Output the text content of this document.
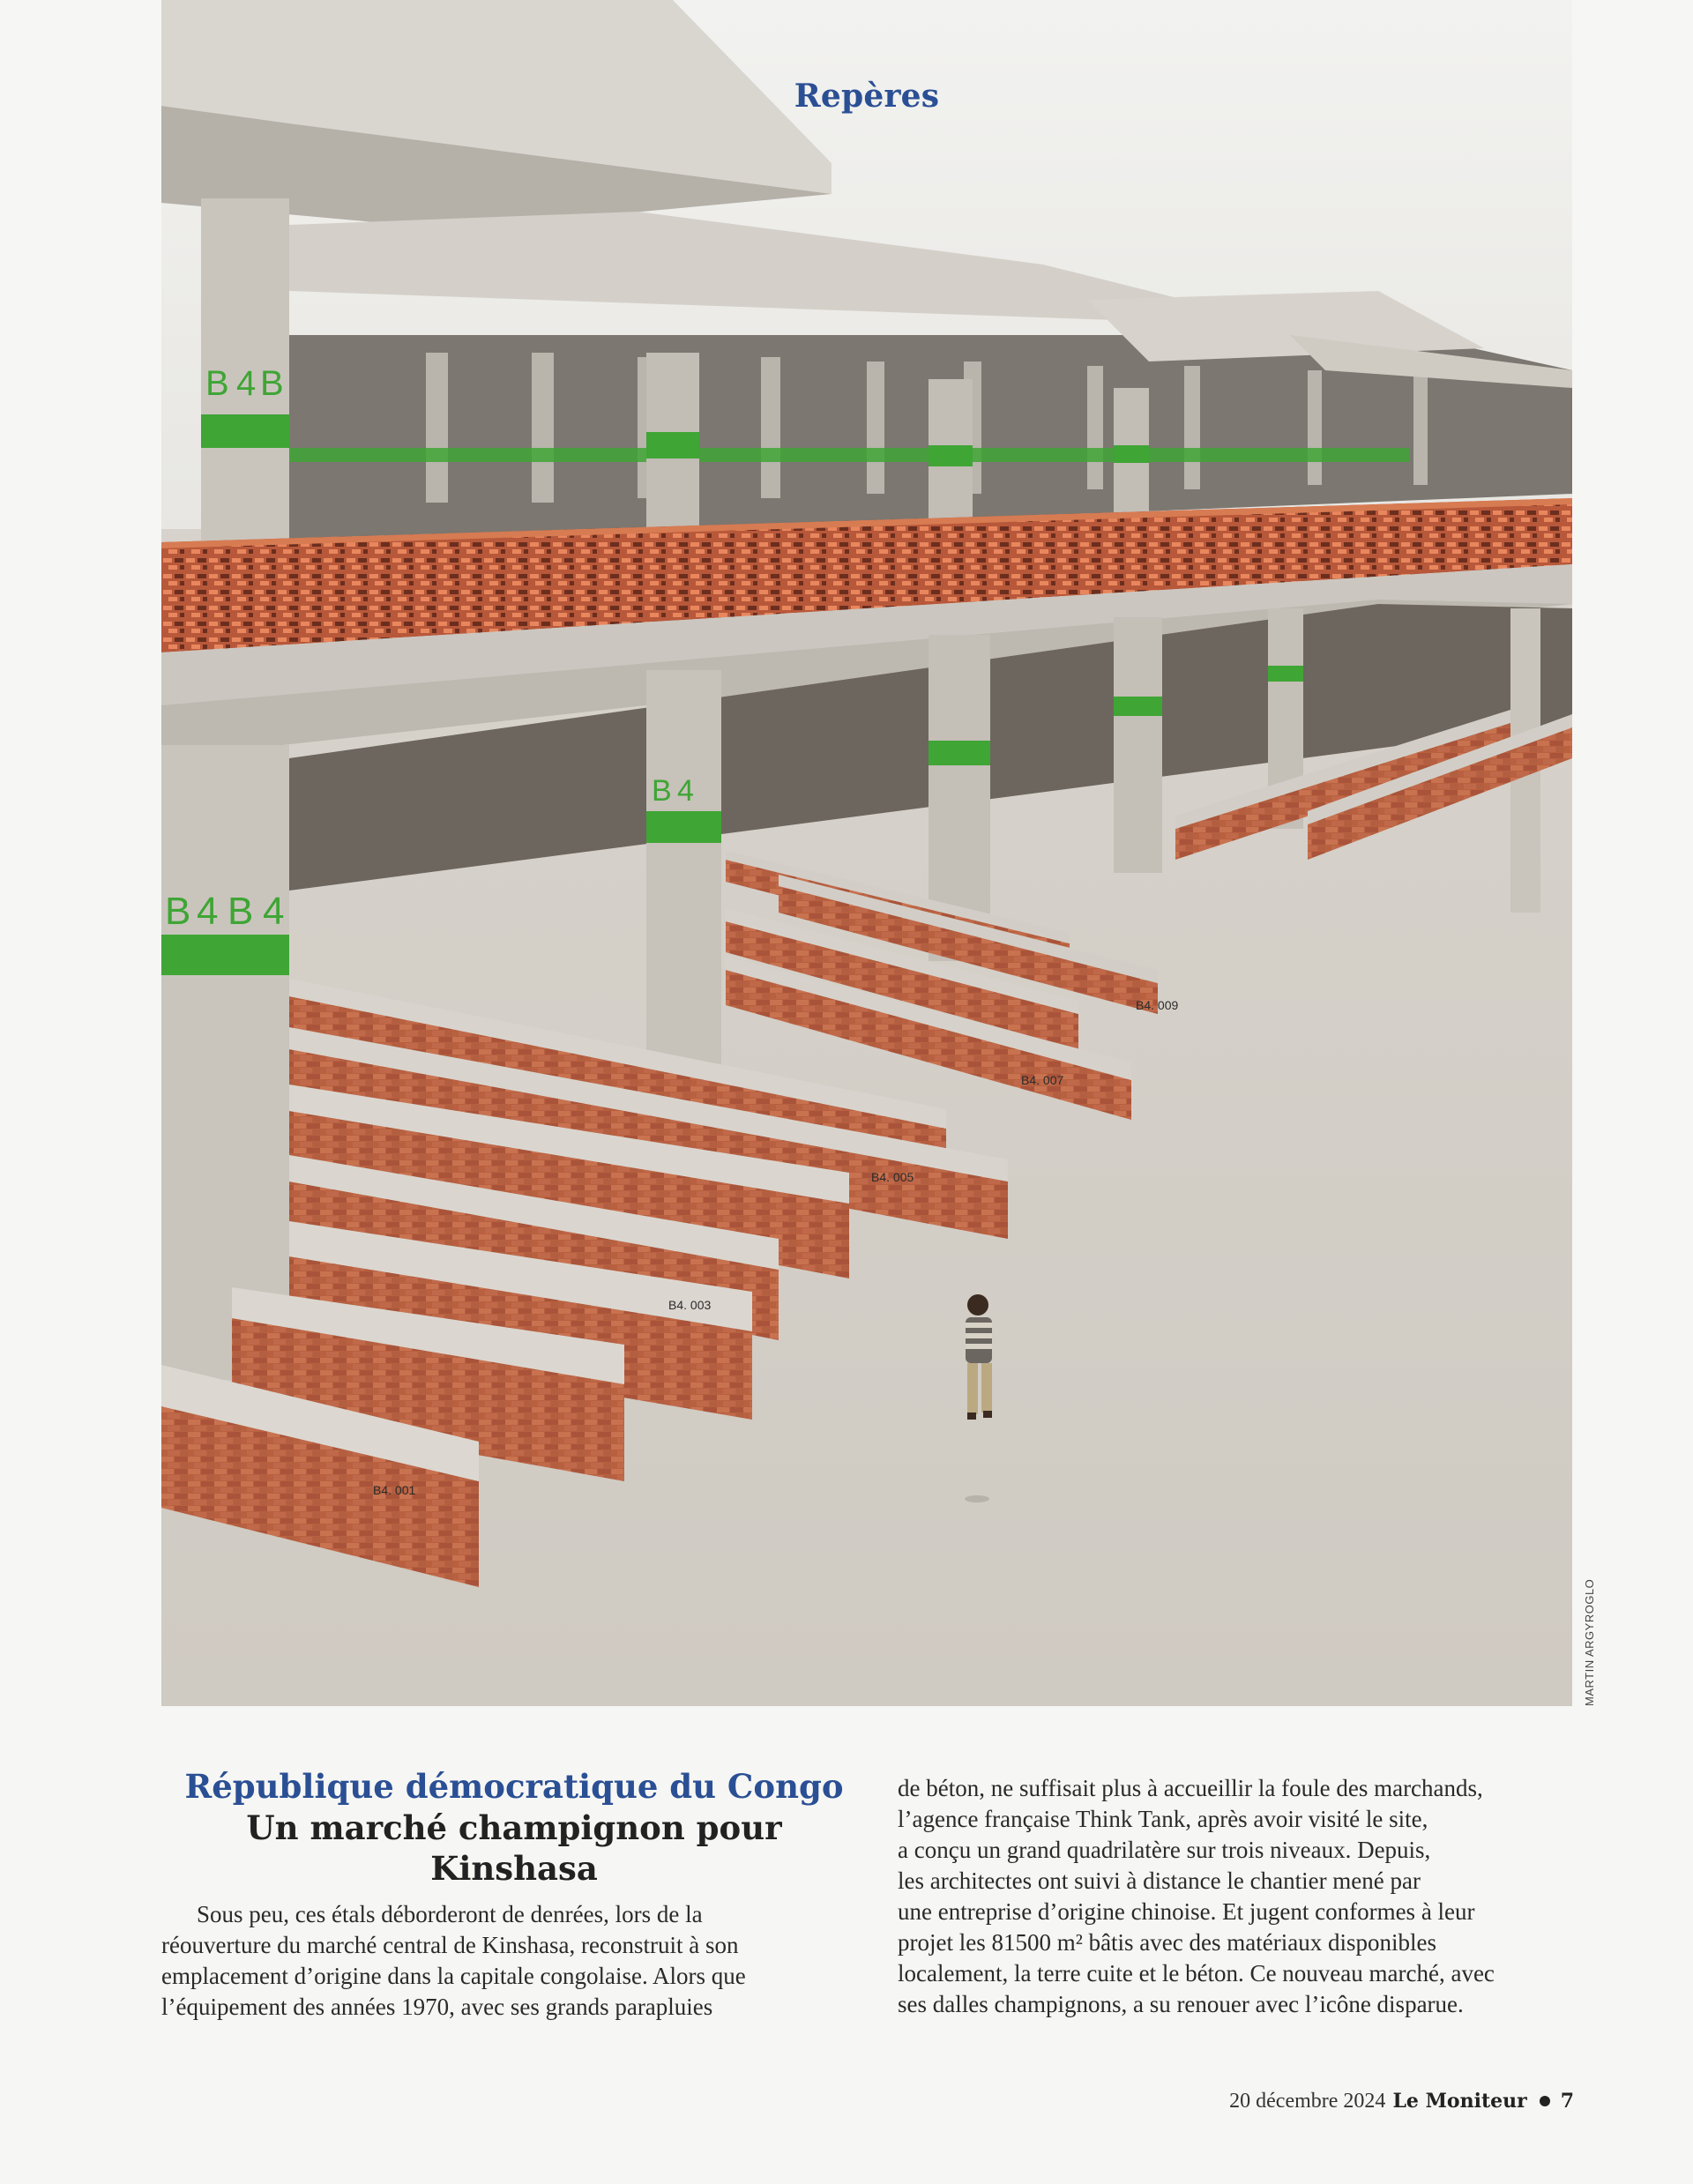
Repères
B 4 B
B 4 B 4
B 4
B4. 001
B4. 003
B4. 005
B4. 007
B4. 009
MARTIN ARGYROGLO
République démocratique du Congo
Un marché champignon pour Kinshasa
Sous peu, ces étals déborderont de denrées, lors de la
réouverture du marché central de Kinshasa, reconstruit à son
emplacement d’origine dans la capitale congolaise. Alors que
l’équipement des années 1970, avec ses grands parapluies
de béton, ne suffisait plus à accueillir la foule des marchands,
l’agence française Think Tank, après avoir visité le site,
a conçu un grand quadrilatère sur trois niveaux. Depuis,
les architectes ont suivi à distance le chantier mené par
une entreprise d’origine chinoise. Et jugent conformes à leur
projet les 81500 m² bâtis avec des matériaux disponibles
localement, la terre cuite et le béton. Ce nouveau marché, avec
ses dalles champignons, a su renouer avec l’icône disparue.
20 décembre 2024 Le Moniteur 7
